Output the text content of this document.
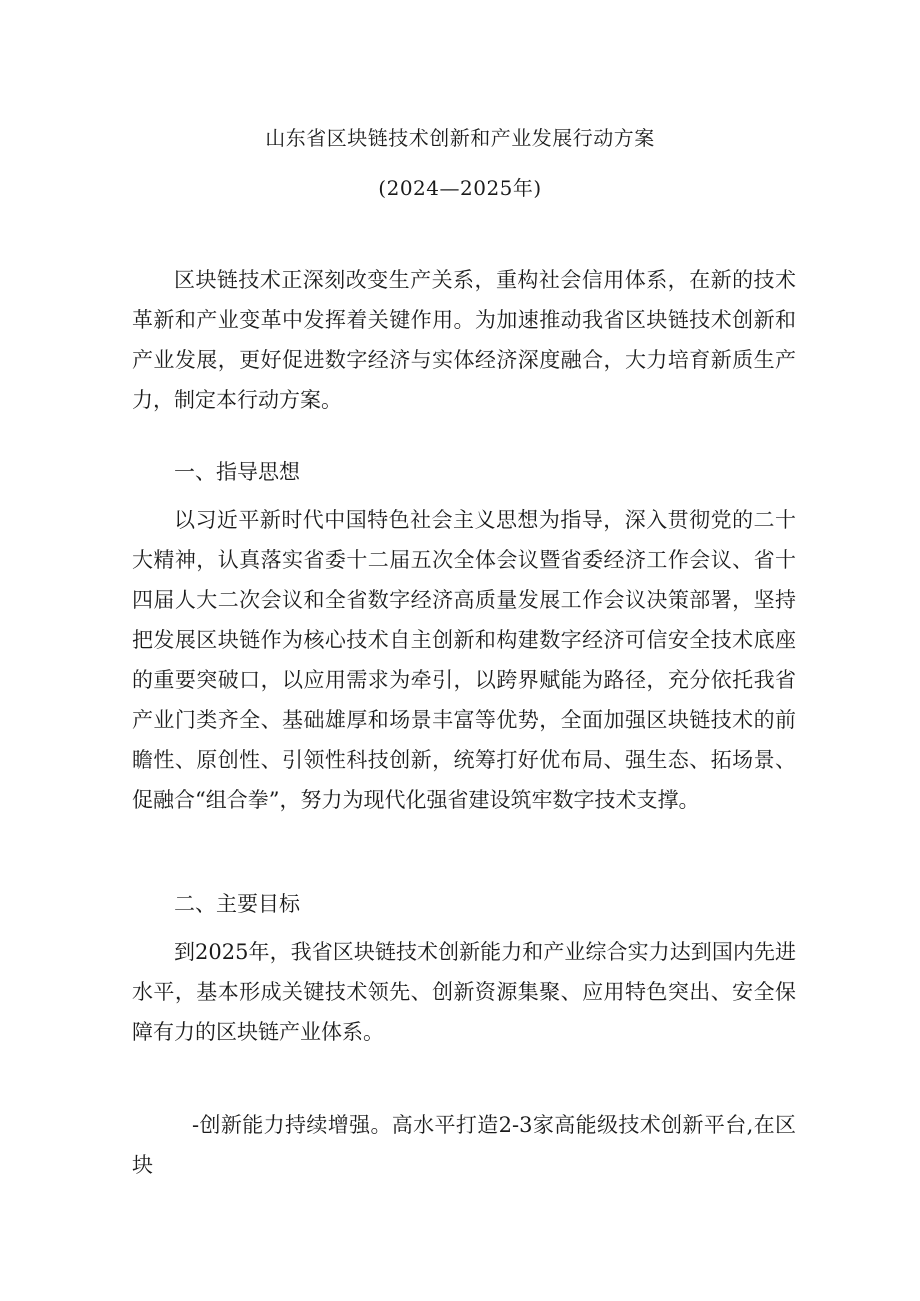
山东省区块链技术创新和产业发展行动方案
(2024—2025年)

区块链技术正深刻改变生产关系，重构社会信用体系，在新的技术革新和产业变革中发挥着关键作用。为加速推动我省区块链技术创新和产业发展，更好促进数字经济与实体经济深度融合，大力培育新质生产力，制定本行动方案。

一、指导思想

以习近平新时代中国特色社会主义思想为指导，深入贯彻党的二十大精神，认真落实省委十二届五次全体会议暨省委经济工作会议、省十四届人大二次会议和全省数字经济高质量发展工作会议决策部署，坚持把发展区块链作为核心技术自主创新和构建数字经济可信安全技术底座的重要突破口，以应用需求为牵引，以跨界赋能为路径，充分依托我省产业门类齐全、基础雄厚和场景丰富等优势，全面加强区块链技术的前瞻性、原创性、引领性科技创新，统筹打好优布局、强生态、拓场景、促融合“组合拳”，努力为现代化强省建设筑牢数字技术支撑。

二、主要目标

到2025年，我省区块链技术创新能力和产业综合实力达到国内先进水平，基本形成关键技术领先、创新资源集聚、应用特色突出、安全保障有力的区块链产业体系。

-创新能力持续增强。高水平打造2-3家高能级技术创新平台,在区块
